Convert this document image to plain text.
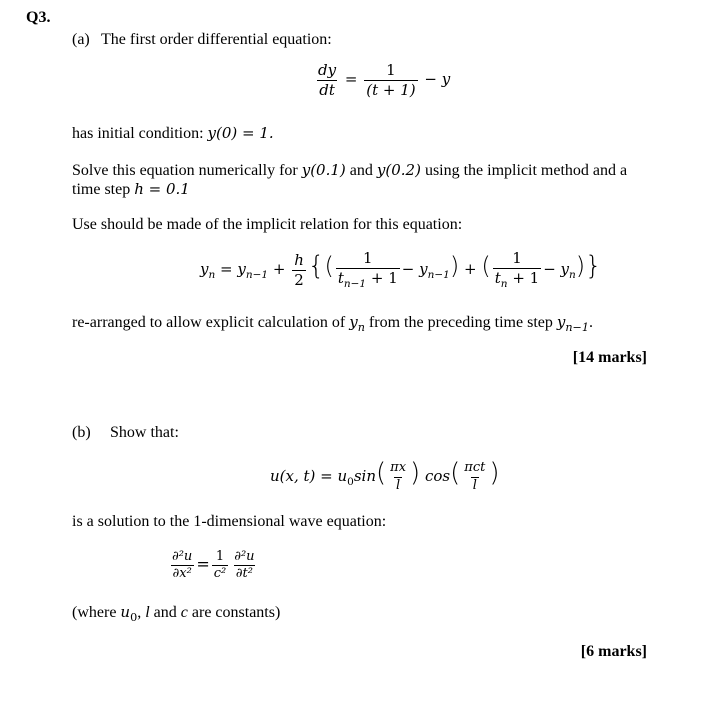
Q3.
(a) The first order differential equation:
$\frac{dy}{dt} = \frac{1}{(t + 1)} - y$
has initial condition: y(0) = 1.
Solve this equation numerically for y(0.1) and y(0.2) using the implicit method and a
time step h = 0.1
Use should be made of the implicit relation for this equation:
$y_n = y_{n-1} + \frac{h}{2}$ {( $\frac{1}{t_{n-1} + 1} - y_{n-1}$) + ( $\frac{1}{t_n + 1} - y_n$)}
re-arranged to allow explicit calculation of $y_n$ from the preceding time step $y_{n-1}$.
[14 marks]
(b) Show that:
u(x, $t) = u_0\sin( \frac{\pi x}{l}$ ) $\cos( \frac{\text{πct}}{l}$ )
is a solution to the 1-dimensional wave equation:
$\frac{\text{∂²u}}{\text{∂x²}} = \frac{1}{\text{c²}} \frac{\text{∂²u}}{\text{∂t²}}$
(where $u_0$, l and c are constants)
[6 marks]
